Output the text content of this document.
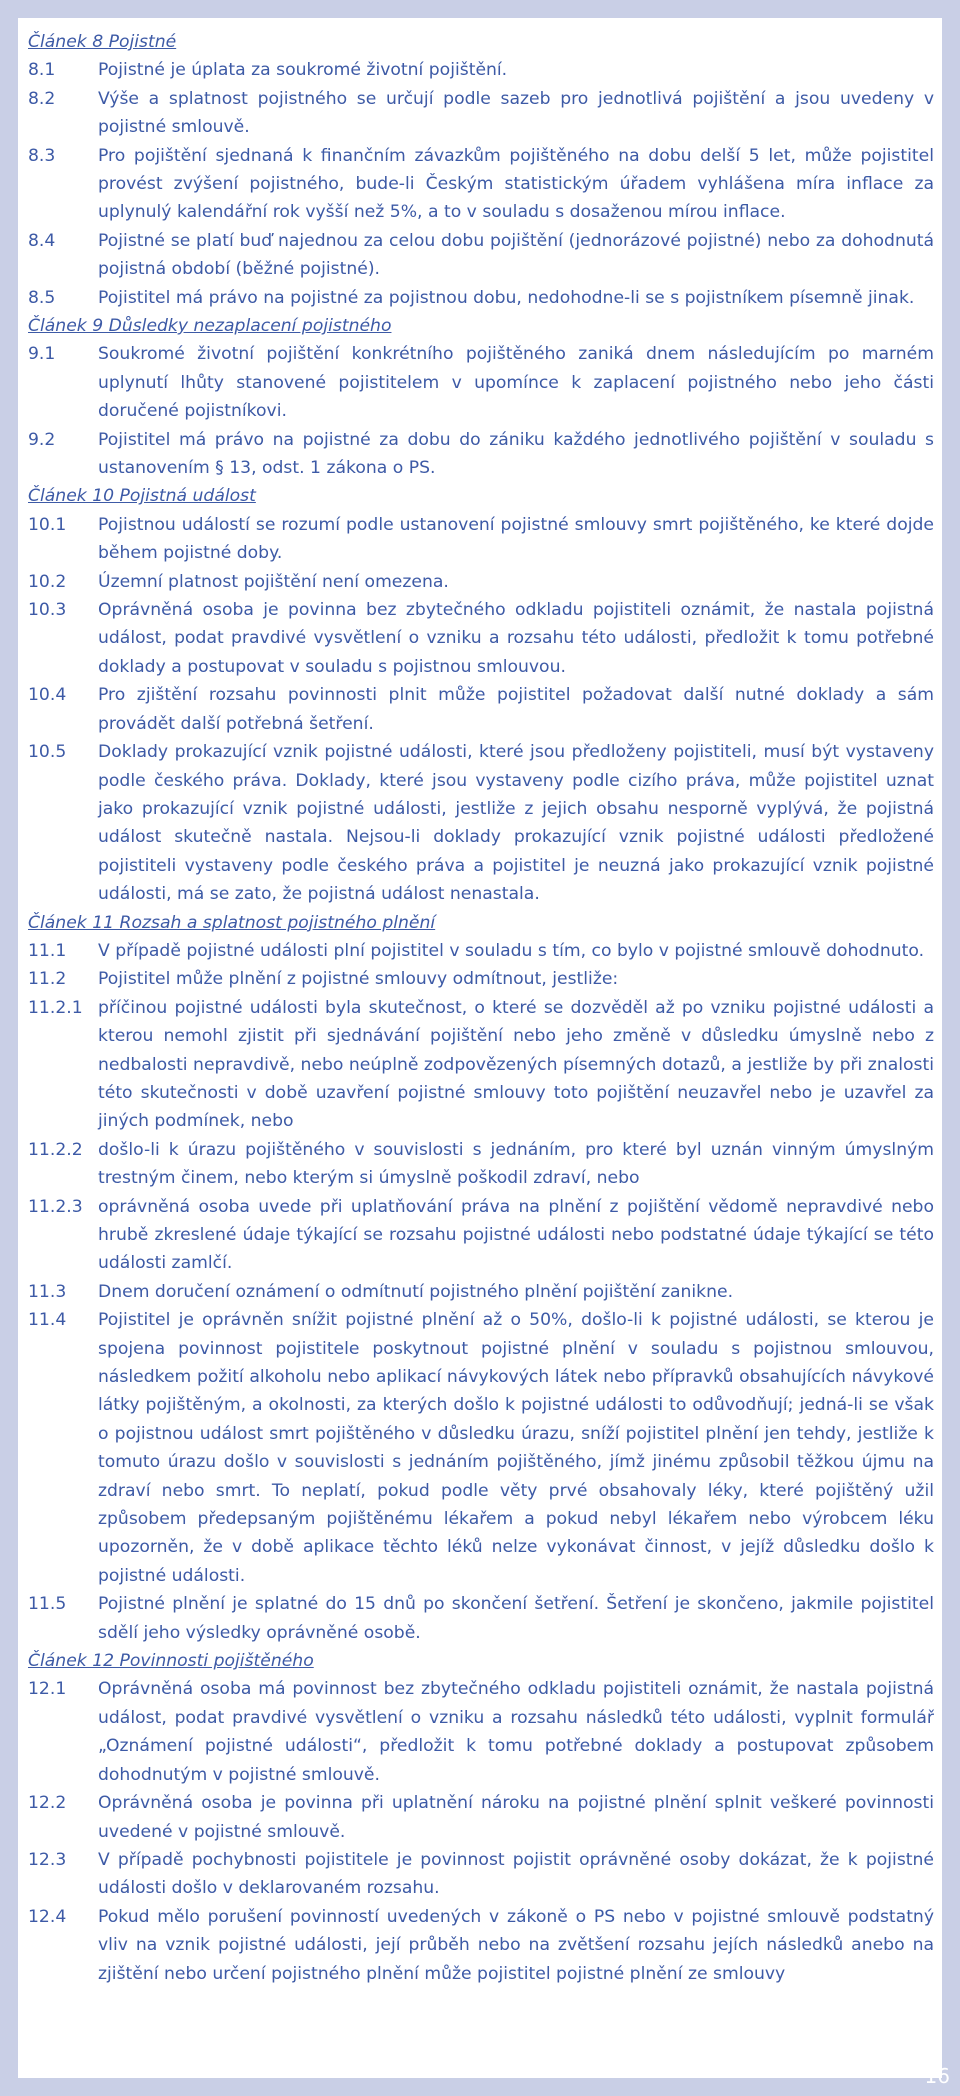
Článek 8 Pojistné
8.1	Pojistné je úplata za soukromé životní pojištění.
8.2	Výše a splatnost pojistného se určují podle sazeb pro jednotlivá pojištění a jsou uvedeny v pojistné smlouvě.
8.3	Pro pojištění sjednaná k finančním závazkům pojištěného na dobu delší 5 let, může pojistitel provést zvýšení pojistného, bude-li Českým statistickým úřadem vyhlášena míra inflace za uplynulý kalendářní rok vyšší než 5%, a to v souladu s dosaženou mírou inflace.
8.4	Pojistné se platí buď najednou za celou dobu pojištění (jednorázové pojistné) nebo za dohodnutá pojistná období (běžné pojistné).
8.5	Pojistitel má právo na pojistné za pojistnou dobu, nedohodne-li se s pojistníkem písemně jinak.
Článek 9 Důsledky nezaplacení pojistného
9.1	Soukromé životní pojištění konkrétního pojištěného zaniká dnem následujícím po marném uplynutí lhůty stanovené pojistitelem v upomínce k zaplacení pojistného nebo jeho části doručené pojistníkovi.
9.2	Pojistitel má právo na pojistné za dobu do zániku každého jednotlivého pojištění v souladu s ustanovením § 13, odst. 1 zákona o PS.
Článek 10 Pojistná událost
10.1	Pojistnou událostí se rozumí podle ustanovení pojistné smlouvy smrt pojištěného, ke které dojde během pojistné doby.
10.2	Územní platnost pojištění není omezena.
10.3	Oprávněná osoba je povinna bez zbytečného odkladu pojistiteli oznámit, že nastala pojistná událost, podat pravdivé vysvětlení o vzniku a rozsahu této události, předložit k tomu potřebné doklady a postupovat v souladu s pojistnou smlouvou.
10.4	Pro zjištění rozsahu povinnosti plnit může pojistitel požadovat další nutné doklady a sám provádět další potřebná šetření.
10.5	Doklady prokazující vznik pojistné události, které jsou předloženy pojistiteli, musí být vystaveny podle českého práva. Doklady, které jsou vystaveny podle cizího práva, může pojistitel uznat jako prokazující vznik pojistné události, jestliže z jejich obsahu nesporně vyplývá, že pojistná událost skutečně nastala. Nejsou-li doklady prokazující vznik pojistné události předložené pojistiteli vystaveny podle českého práva a pojistitel je neuzná jako prokazující vznik pojistné události, má se zato, že pojistná událost nenastala.
Článek 11 Rozsah a splatnost pojistného plnění
11.1	V případě pojistné události plní pojistitel v souladu s tím, co bylo v pojistné smlouvě dohodnuto.
11.2	Pojistitel může plnění z pojistné smlouvy odmítnout, jestliže:
11.2.1 příčinou pojistné události byla skutečnost, o které se dozvěděl až po vzniku pojistné události a kterou nemohl zjistit při sjednávání pojištění nebo jeho změně v důsledku úmyslně nebo z nedbalosti nepravdivě, nebo neúplně zodpovězených písemných dotazů, a jestliže by při znalosti této skutečnosti v době uzavření pojistné smlouvy toto pojištění neuzavřel nebo je uzavřel za jiných podmínek, nebo
11.2.2 došlo-li k úrazu pojištěného v souvislosti s jednáním, pro které byl uznán vinným úmyslným trestným činem, nebo kterým si úmyslně poškodil zdraví, nebo
11.2.3 oprávněná osoba uvede při uplatňování práva na plnění z pojištění vědomě nepravdivé nebo hrubě zkreslené údaje týkající se rozsahu pojistné události nebo podstatné údaje týkající se této události zamlčí.
11.3	Dnem doručení oznámení o odmítnutí pojistného plnění pojištění zanikne.
11.4	Pojistitel je oprávněn snížit pojistné plnění až o 50%, došlo-li k pojistné události, se kterou je spojena povinnost pojistitele poskytnout pojistné plnění v souladu s pojistnou smlouvou, následkem požití alkoholu nebo aplikací návykových látek nebo přípravků obsahujících návykové látky pojištěným, a okolnosti, za kterých došlo k pojistné události to odůvodňují; jedná-li se však o pojistnou událost smrt pojištěného v důsledku úrazu, sníží pojistitel plnění jen tehdy, jestliže k tomuto úrazu došlo v souvislosti s jednáním pojištěného, jímž jinému způsobil těžkou újmu na zdraví nebo smrt. To neplatí, pokud podle věty prvé obsahovaly léky, které pojištěný užil způsobem předepsaným pojištěnému lékařem a pokud nebyl lékařem nebo výrobcem léku upozorněn, že v době aplikace těchto léků nelze vykonávat činnost, v jejíž důsledku došlo k pojistné události.
11.5	Pojistné plnění je splatné do 15 dnů po skončení šetření. Šetření je skončeno, jakmile pojistitel sdělí jeho výsledky oprávněné osobě.
Článek 12 Povinnosti pojištěného
12.1	Oprávněná osoba má povinnost bez zbytečného odkladu pojistiteli oznámit, že nastala pojistná událost, podat pravdivé vysvětlení o vzniku a rozsahu následků této události, vyplnit formulář „Oznámení pojistné události“, předložit k tomu potřebné doklady a postupovat způsobem dohodnutým v pojistné smlouvě.
12.2	Oprávněná osoba je povinna při uplatnění nároku na pojistné plnění splnit veškeré povinnosti uvedené v pojistné smlouvě.
12.3	V případě pochybnosti pojistitele je povinnost pojistit oprávněné osoby dokázat, že k pojistné události došlo v deklarovaném rozsahu.
12.4	Pokud mělo porušení povinností uvedených v zákoně o PS nebo v pojistné smlouvě podstatný vliv na vznik pojistné události, její průběh nebo na zvětšení rozsahu jejích následků anebo na zjištění nebo určení pojistného plnění může pojistitel pojistné plnění ze smlouvy
16
